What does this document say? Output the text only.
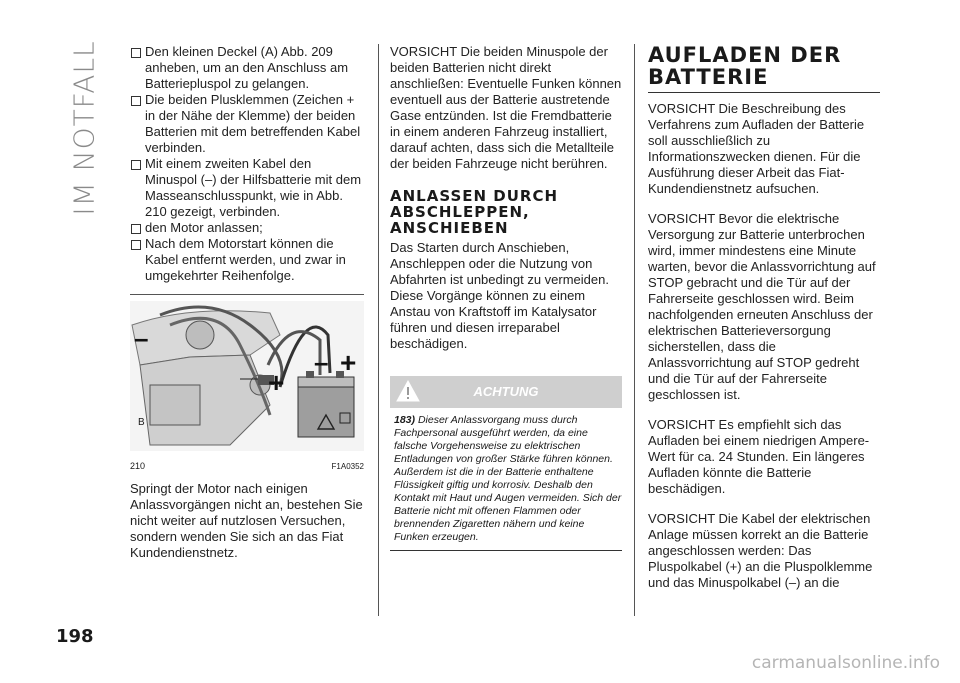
IM NOTFALL	Den kleinen Deckel (A) Abb. 209 anheben, um an den Anschluss am Batteriepluspol zu gelangen.
Die beiden Plusklemmen (Zeichen + in der Nähe der Klemme) der beiden Batterien mit dem betreffenden Kabel verbinden.
Mit einem zweiten Kabel den Minuspol (–) der Hilfsbatterie mit dem Masseanschlusspunkt, wie in Abb. 210 gezeigt, verbinden.
den Motor anlassen;
Nach dem Motorstart können die Kabel entfernt werden, und zwar in umgekehrter Reihenfolge.
B
+
+
–
–
210	F1A0352

Springt der Motor nach einigen Anlassvorgängen nicht an, bestehen Sie nicht weiter auf nutzlosen Versuchen, sondern wenden Sie sich an das Fiat Kundendienstnetz.

VORSICHT Die beiden Minuspole der beiden Batterien nicht direkt anschließen: Eventuelle Funken können eventuell aus der Batterie austretende Gase entzünden. Ist die Fremdbatterie in einem anderen Fahrzeug installiert, darauf achten, dass sich die Metallteile der beiden Fahrzeuge nicht berühren.

ANLASSEN DURCH ABSCHLEPPEN, ANSCHIEBEN

Das Starten durch Anschieben, Anschleppen oder die Nutzung von Abfahrten ist unbedingt zu vermeiden. Diese Vorgänge können zu einem Anstau von Kraftstoff im Katalysator führen und diesen irreparabel beschädigen.

ACHTUNG

183) Dieser Anlassvorgang muss durch Fachpersonal ausgeführt werden, da eine falsche Vorgehensweise zu elektrischen Entladungen von großer Stärke führen können. Außerdem ist die in der Batterie enthaltene Flüssigkeit giftig und korrosiv. Deshalb den Kontakt mit Haut und Augen vermeiden. Sich der Batterie nicht mit offenen Flammen oder brennenden Zigaretten nähern und keine Funken erzeugen.

AUFLADEN DER BATTERIE

VORSICHT Die Beschreibung des Verfahrens zum Aufladen der Batterie soll ausschließlich zu Informationszwecken dienen. Für die Ausführung dieser Arbeit das Fiat-Kundendienstnetz aufsuchen.

VORSICHT Bevor die elektrische Versorgung zur Batterie unterbrochen wird, immer mindestens eine Minute warten, bevor die Anlassvorrichtung auf STOP gebracht und die Tür auf der Fahrerseite geschlossen wird. Beim nachfolgenden erneuten Anschluss der elektrischen Batterieversorgung sicherstellen, dass die Anlassvorrichtung auf STOP gedreht und die Tür auf der Fahrerseite geschlossen ist.

VORSICHT Es empfiehlt sich das Aufladen bei einem niedrigen Ampere-Wert für ca. 24 Stunden. Ein längeres Aufladen könnte die Batterie beschädigen.

VORSICHT Die Kabel der elektrischen Anlage müssen korrekt an die Batterie angeschlossen werden: Das Pluspolkabel (+) an die Pluspolklemme und das Minuspolkabel (–) an die

198
carmanualsonline.info
